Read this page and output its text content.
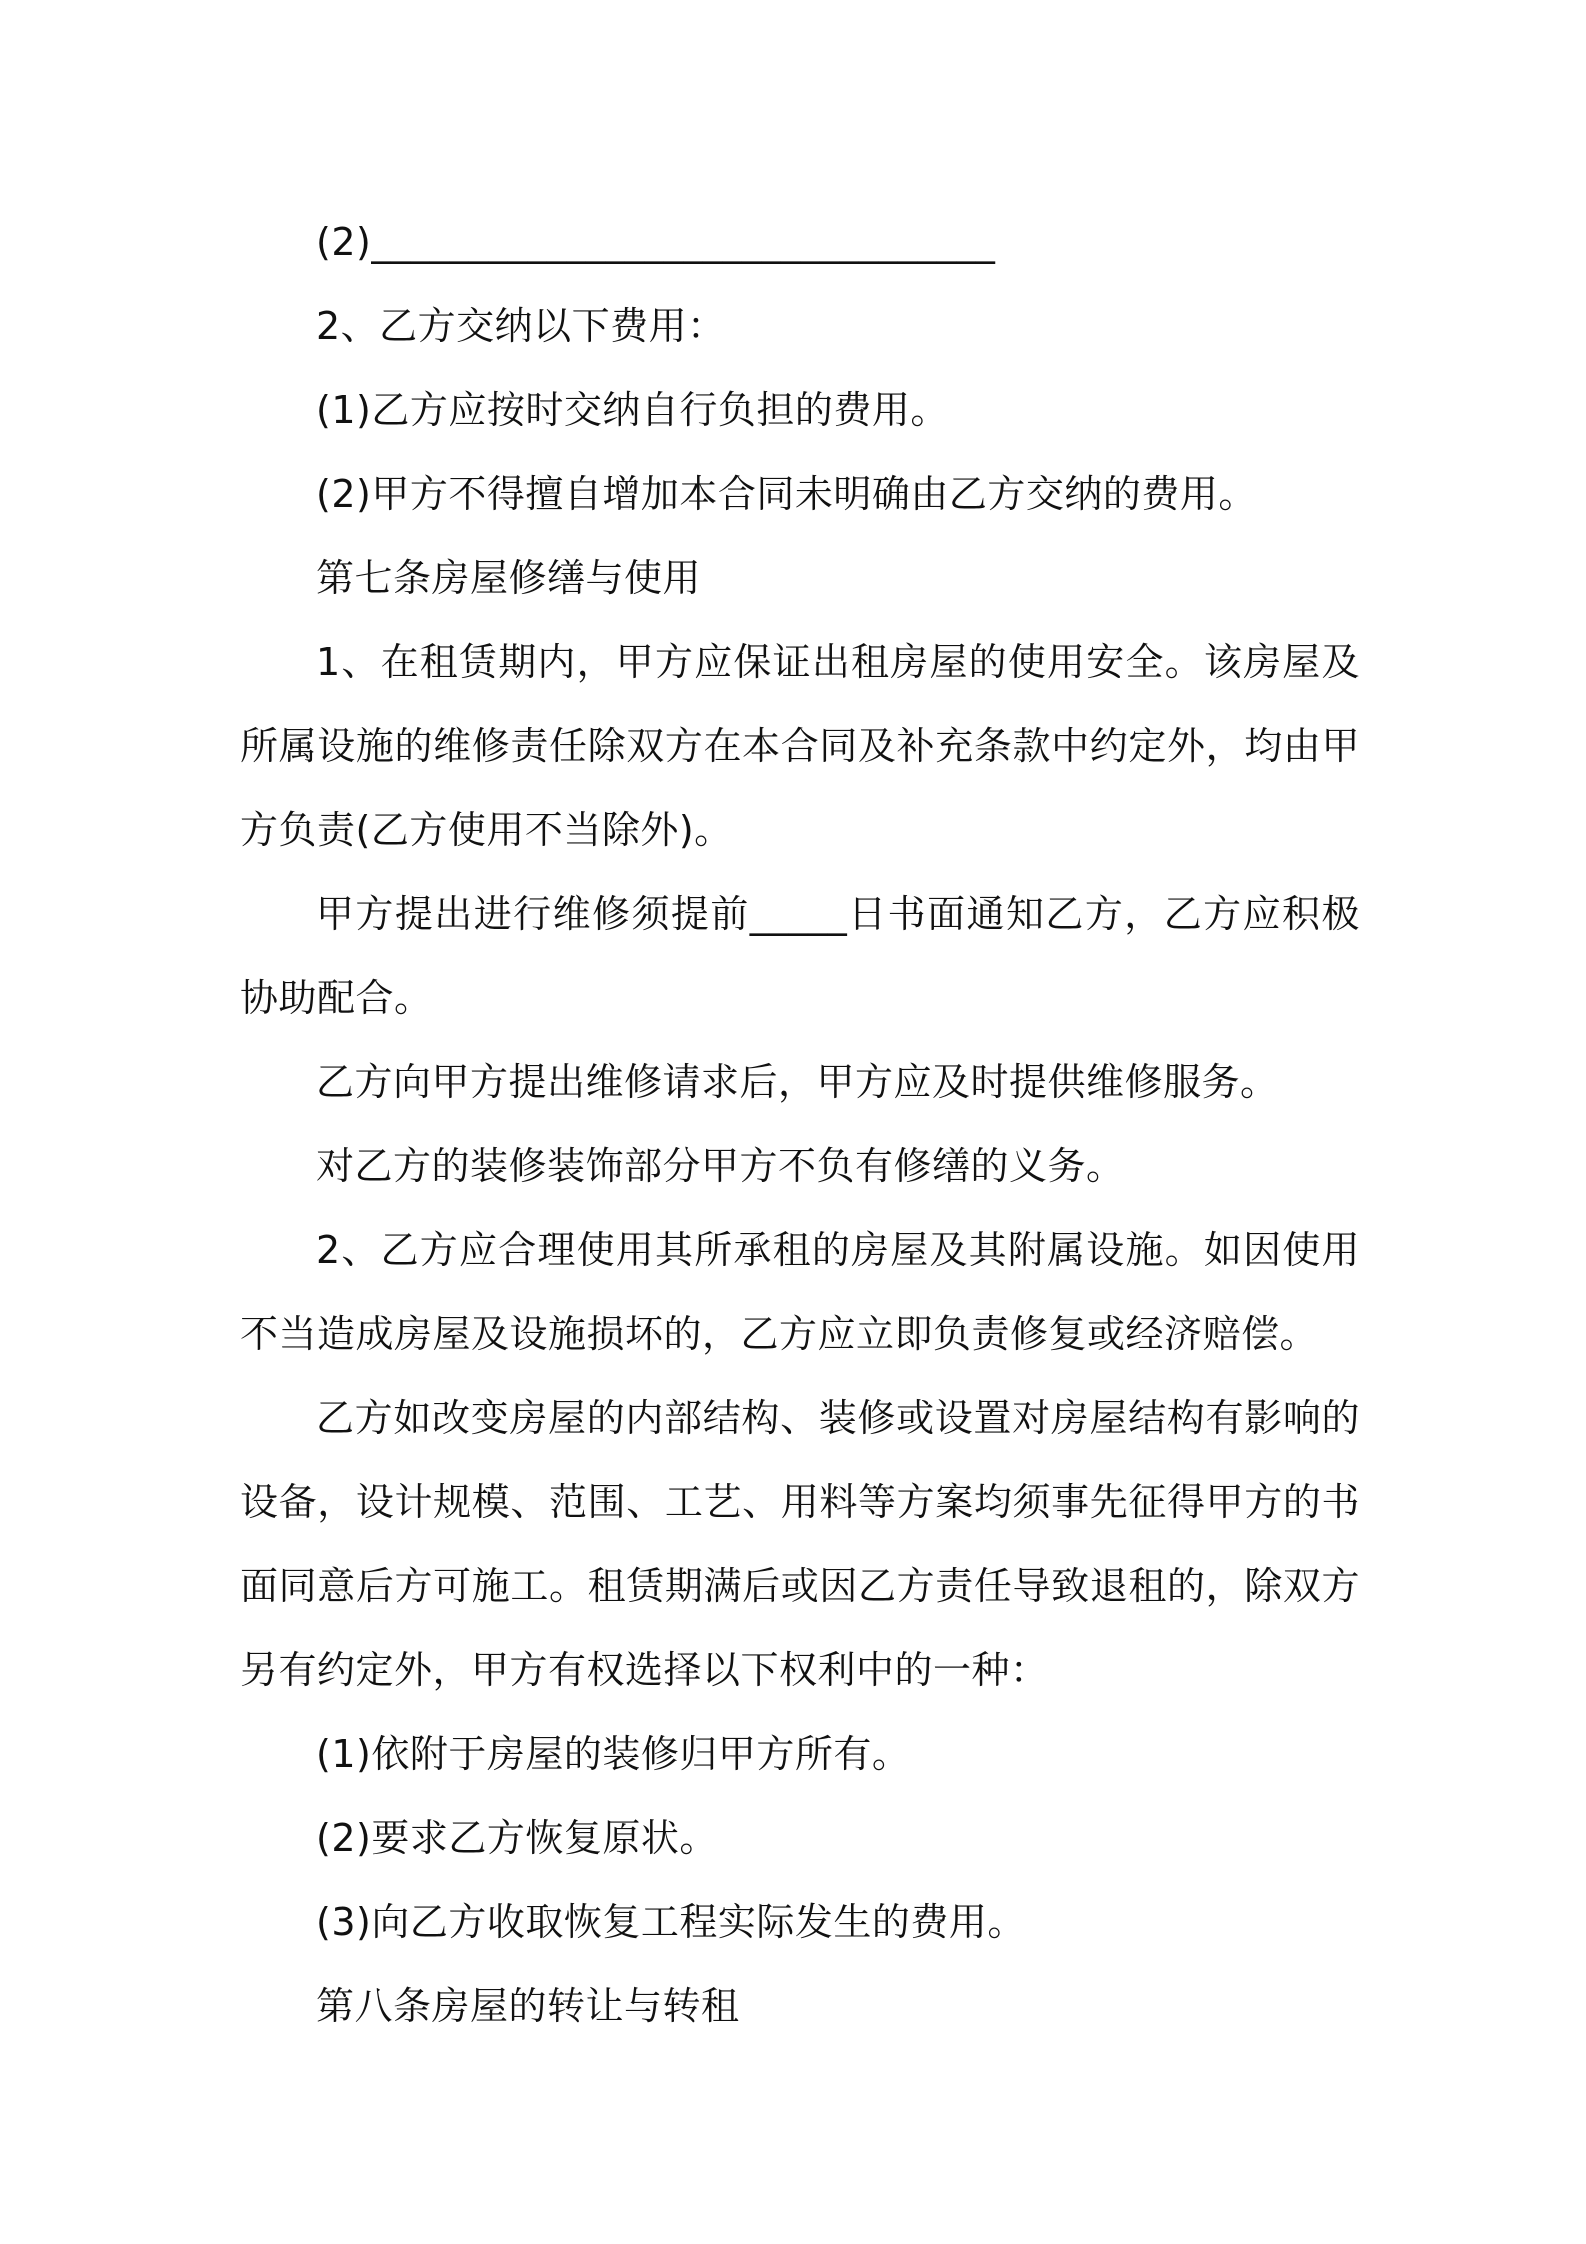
(2)________________________________

2、乙方交纳以下费用：

(1)乙方应按时交纳自行负担的费用。

(2)甲方不得擅自增加本合同未明确由乙方交纳的费用。

第七条房屋修缮与使用

1、在租赁期内，甲方应保证出租房屋的使用安全。该房屋及所属设施的维修责任除双方在本合同及补充条款中约定外，均由甲方负责(乙方使用不当除外)。

甲方提出进行维修须提前_____日书面通知乙方，乙方应积极协助配合。

乙方向甲方提出维修请求后，甲方应及时提供维修服务。

对乙方的装修装饰部分甲方不负有修缮的义务。

2、乙方应合理使用其所承租的房屋及其附属设施。如因使用不当造成房屋及设施损坏的，乙方应立即负责修复或经济赔偿。

乙方如改变房屋的内部结构、装修或设置对房屋结构有影响的设备，设计规模、范围、工艺、用料等方案均须事先征得甲方的书面同意后方可施工。租赁期满后或因乙方责任导致退租的，除双方另有约定外，甲方有权选择以下权利中的一种：

(1)依附于房屋的装修归甲方所有。

(2)要求乙方恢复原状。

(3)向乙方收取恢复工程实际发生的费用。

第八条房屋的转让与转租
